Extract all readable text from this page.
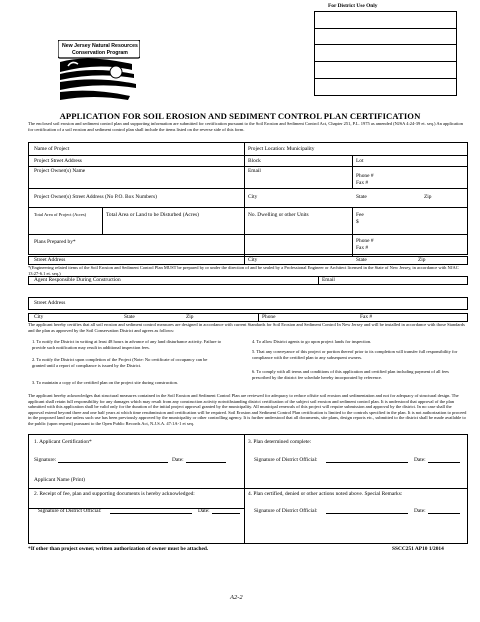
For District Use Only
New Jersey Natural Resources
Conservation Program
APPLICATION FOR SOIL EROSION AND SEDIMENT CONTROL PLAN CERTIFICATION
The enclosed soil erosion and sediment control plan and supporting information are submitted for certification pursuant to the Soil Erosion and Sediment Control Act, Chapter 251, P.L. 1975 as amended (NJSA 4:24-39 et. seq.) An application for certification of a soil erosion and sediment control plan shall include the items listed on the reverse side of this form.
Name of Project	Project Location: Municipality
Project Street Address	Block	Lot
Project Owner(s) Name	Email
Phone #
Fax #
Project Owner(s) Street Address (No P.O. Box Numbers)	City	State	Zip
Total Area of Project (Acres)	Total Area or Land to be Disturbed (Acres)	No. Dwelling or other Units	Fee
$
Plans Prepared by*	Phone #
Fax #
Street Address	City	State	Zip
*(Engineering related items of the Soil Erosion and Sediment Control Plan MUST be prepared by or under the direction of and be sealed by a Professional Engineer or Architect licensed in the State of New Jersey, in accordance with NJAC 13:27-6.1 et. seq.)
Agent Responsible During Construction	Email
Street Address
City	State	Zip	Phone	Fax #
The applicant hereby certifies that all soil erosion and sediment control measures are designed in accordance with current Standards for Soil Erosion and Sediment Control In New Jersey and will be installed in accordance with those Standards and the plan as approved by the Soil Conservation District and agrees as follows:
1. To notify the District in writing at least 48 hours in advance of any land disturbance activity. Failure to provide such notification may result in additional inspection fees.
2. To notify the District upon completion of the Project (Note: No certificate of occupancy can be granted until a report of compliance is issued by the District.
3. To maintain a copy of the certified plan on the project site during construction.
4. To allow District agents to go upon project lands for inspection.
5. That any conveyance of this project or portion thereof prior to its completion will transfer full responsibility for compliance with the certified plan to any subsequent owners.
6. To comply with all terms and conditions of this application and certified plan including payment of all fees prescribed by the district fee schedule hereby incorporated by reference.
The applicant hereby acknowledges that structural measures contained in the Soil Erosion and Sediment Control Plan are reviewed for adequacy to reduce offsite soil erosion and sedimentation and not for adequacy of structural design. The applicant shall retain full responsibility for any damages which may result from any construction activity notwithstanding district certification of the subject soil erosion and sediment control plan. It is understood that approval of the plan submitted with this application shall be valid only for the duration of the initial project approval granted by the municipality. All municipal renewals of this project will require submission and approval by the district. In no case shall the approval extend beyond three and one half years at which time resubmission and certification will be required. Soil Erosion and Sediment Control Plan certification is limited to the controls specified in the plan. It is not authorization to proceed in the proposed land use unless such use has been previously approved by the municipality or other controlling agency. It is further understood that all documents, site plans, design reports etc., submitted to the district shall be made available to the public (upon request) pursuant to the Open Public Records Act, N.J.S.A. 47:1A-1 et seq.
1. Applicant Certification*
Signature:	Date:
Applicant Name (Print)
3. Plan determined complete:
Signature of District Official:	Date:
2. Receipt of fee, plan and supporting documents is hereby acknowledged:
Signature of District Official:	Date:
4. Plan certified, denied or other actions noted above. Special Remarks:
Signature of District Official:	Date:
*If other than project owner, written authorization of owner must be attached.	SSCC251 AP10 1/2014
A2-2
